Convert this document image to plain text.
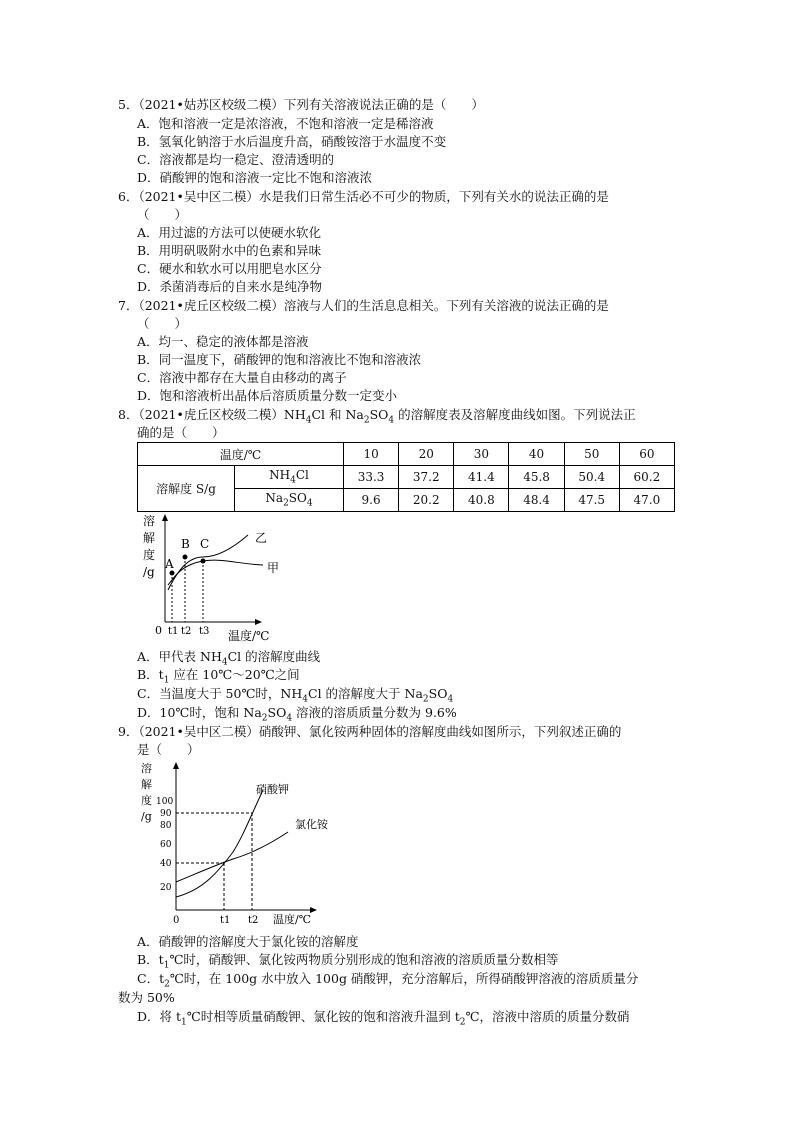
5．（2021•姑苏区校级二模）下列有关溶液说法正确的是（　　）
A．饱和溶液一定是浓溶液，不饱和溶液一定是稀溶液
B．氢氧化钠溶于水后温度升高，硝酸铵溶于水温度不变
C．溶液都是均一稳定、澄清透明的
D．硝酸钾的饱和溶液一定比不饱和溶液浓
6．（2021•吴中区二模）水是我们日常生活必不可少的物质，下列有关水的说法正确的是
（　　）
A．用过滤的方法可以使硬水软化
B．用明矾吸附水中的色素和异味
C．硬水和软水可以用肥皂水区分
D．杀菌消毒后的自来水是纯净物
7．（2021•虎丘区校级二模）溶液与人们的生活息息相关。下列有关溶液的说法正确的是
（　　）
A．均一、稳定的液体都是溶液
B．同一温度下，硝酸钾的饱和溶液比不饱和溶液浓
C．溶液中都存在大量自由移动的离子
D．饱和溶液析出晶体后溶质质量分数一定变小
8．（2021•虎丘区校级二模）$NH_4Cl$ 和 $Na_2SO_4$ 的溶解度表及溶解度曲线如图。下列说法正
确的是（　　）
温度/℃		10	20	30	40	50	60
溶解度 S/g	$NH_4Cl$	33.3	37.2	41.4	45.8	50.4	60.2
	$Na_2SO_4$	9.6	20.2	40.8	48.4	47.5	47.0
溶
解
度
/g
A
B C	乙
甲
0 t1 t2 t3 温度/℃
A．甲代表 $NH_4Cl$ 的溶解度曲线
B．$t_1$ 应在 10℃～20℃之间
C．当温度大于 50℃时，$NH_4Cl$ 的溶解度大于 $Na_2SO_4$
D．10℃时，饱和 $Na_2SO_4$ 溶液的溶质质量分数为 9.6%
9．（2021•吴中区二模）硝酸钾、氯化铵两种固体的溶解度曲线如图所示，下列叙述正确的
是（　　）
溶
解
度
/g
100
90
80
60
40
20
硝酸钾
氯化铵
0	t1 t2 温度/℃
A．硝酸钾的溶解度大于氯化铵的溶解度
B．$t_1℃$时，硝酸钾、氯化铵两物质分别形成的饱和溶液的溶质质量分数相等
C．$t_2℃$时，在 100g 水中放入 100g 硝酸钾，充分溶解后，所得硝酸钾溶液的溶质质量分
数为 50%
D．将 $t_1℃$时相等质量硝酸钾、氯化铵的饱和溶液升温到 $t_2℃$，溶液中溶质的质量分数硝
